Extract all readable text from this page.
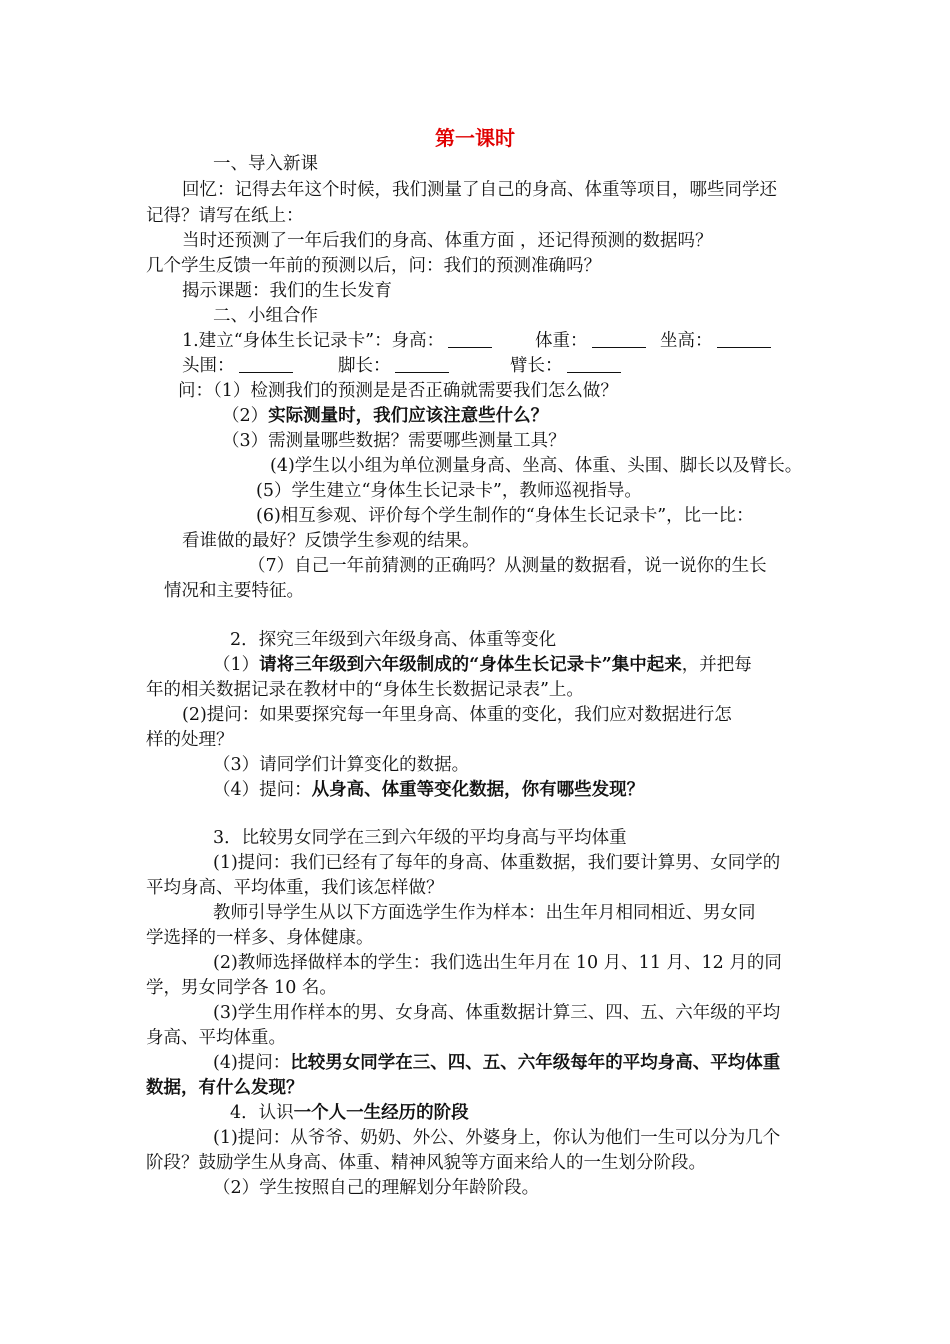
第一课时
一、导入新课
回忆：记得去年这个时候，我们测量了自己的身高、体重等项目，哪些同学还
记得？请写在纸上：
当时还预测了一年后我们的身高、体重方面 ，还记得预测的数据吗？
几个学生反馈一年前的预测以后，问：我们的预测准确吗？
揭示课题：我们的生长发育
二、小组合作
1.建立“身体生长记录卡”：身高：	体重：	坐高：
头围：	脚长：	臂长：
问：（1）检测我们的预测是是否正确就需要我们怎么做？
（2）实际测量时，我们应该注意些什么？
（3）需测量哪些数据？需要哪些测量工具？
(4)学生以小组为单位测量身高、坐高、体重、头围、脚长以及臂长。
(5）学生建立“身体生长记录卡”，教师巡视指导。
(6)相互参观、评价每个学生制作的“身体生长记录卡”，比一比：
看谁做的最好？反馈学生参观的结果。
（7）自己一年前猜测的正确吗？从测量的数据看，说一说你的生长
情况和主要特征。
2．探究三年级到六年级身高、体重等变化
（1）请将三年级到六年级制成的“身体生长记录卡”集中起来，并把每
年的相关数据记录在教材中的“身体生长数据记录表”上。
(2)提问：如果要探究每一年里身高、体重的变化，我们应对数据进行怎
样的处理？
（3）请同学们计算变化的数据。
（4）提问：从身高、体重等变化数据，你有哪些发现？
3．比较男女同学在三到六年级的平均身高与平均体重
(1)提问：我们已经有了每年的身高、体重数据，我们要计算男、女同学的
平均身高、平均体重，我们该怎样做？
教师引导学生从以下方面选学生作为样本：出生年月相同相近、男女同
学选择的一样多、身体健康。
(2)教师选择做样本的学生：我们选出生年月在 10 月、11 月、12 月的同
学，男女同学各 10 名。
(3)学生用作样本的男、女身高、体重数据计算三、四、五、六年级的平均
身高、平均体重。
(4)提问：比较男女同学在三、四、五、六年级每年的平均身高、平均体重
数据，有什么发现？
4．认识一个人一生经历的阶段
(1)提问：从爷爷、奶奶、外公、外婆身上，你认为他们一生可以分为几个
阶段？鼓励学生从身高、体重、精神风貌等方面来给人的一生划分阶段。
（2）学生按照自己的理解划分年龄阶段。
